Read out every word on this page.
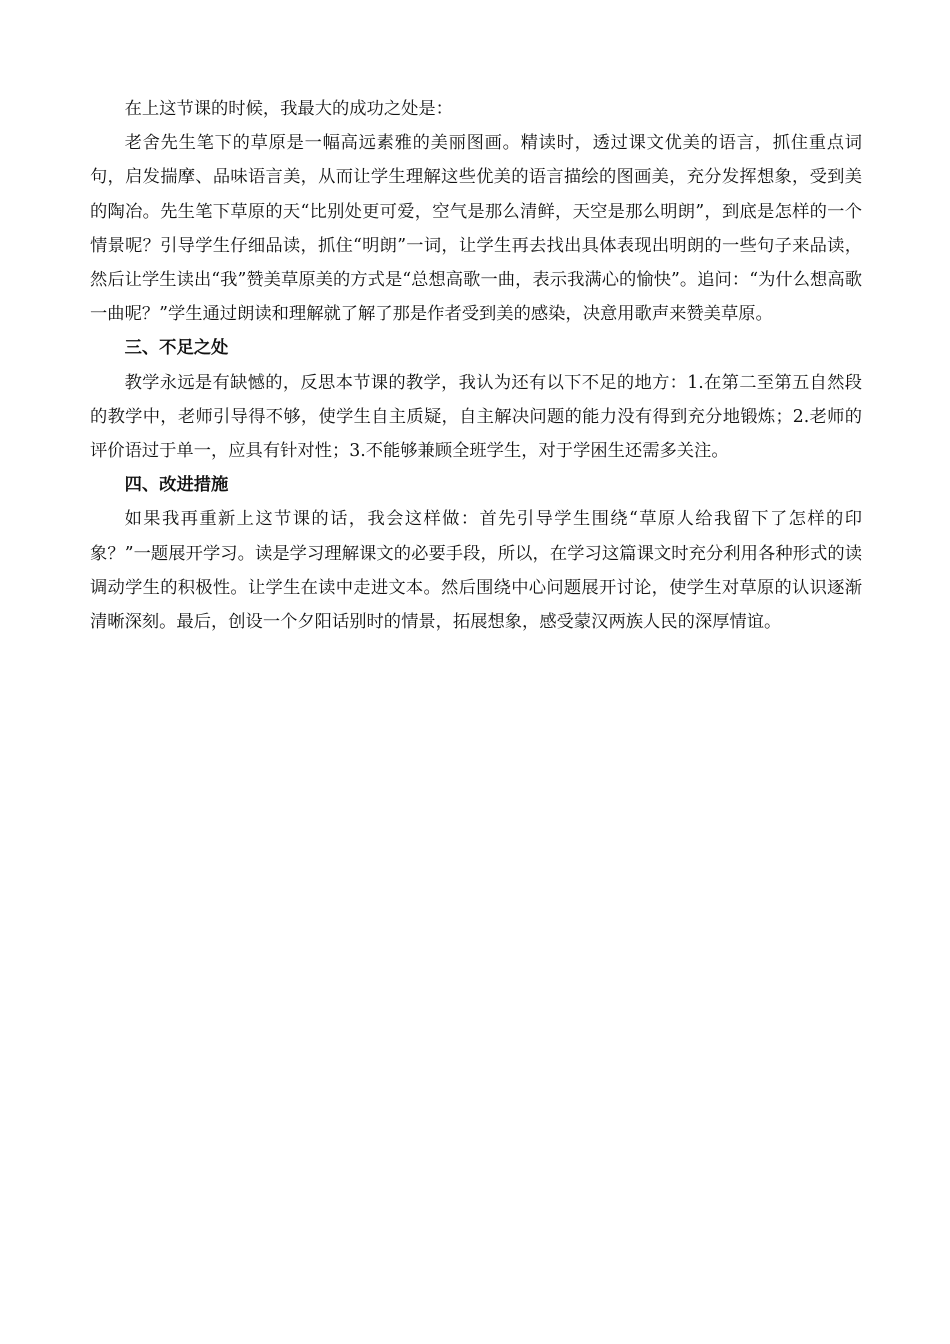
在上这节课的时候，我最大的成功之处是：

老舍先生笔下的草原是一幅高远素雅的美丽图画。精读时，透过课文优美的语言，抓住重点词句，启发揣摩、品味语言美，从而让学生理解这些优美的语言描绘的图画美，充分发挥想象，受到美的陶冶。先生笔下草原的天“比别处更可爱，空气是那么清鲜，天空是那么明朗”，到底是怎样的一个情景呢？引导学生仔细品读，抓住“明朗”一词，让学生再去找出具体表现出明朗的一些句子来品读，然后让学生读出“我”赞美草原美的方式是“总想高歌一曲，表示我满心的愉快”。追问：“为什么想高歌一曲呢？”学生通过朗读和理解就了解了那是作者受到美的感染，决意用歌声来赞美草原。

三、不足之处

教学永远是有缺憾的，反思本节课的教学，我认为还有以下不足的地方：1.在第二至第五自然段的教学中，老师引导得不够，使学生自主质疑，自主解决问题的能力没有得到充分地锻炼；2.老师的评价语过于单一，应具有针对性；3.不能够兼顾全班学生，对于学困生还需多关注。

四、改进措施

如果我再重新上这节课的话，我会这样做：首先引导学生围绕“草原人给我留下了怎样的印象？”一题展开学习。读是学习理解课文的必要手段，所以，在学习这篇课文时充分利用各种形式的读调动学生的积极性。让学生在读中走进文本。然后围绕中心问题展开讨论，使学生对草原的认识逐渐清晰深刻。最后，创设一个夕阳话别时的情景，拓展想象，感受蒙汉两族人民的深厚情谊。
